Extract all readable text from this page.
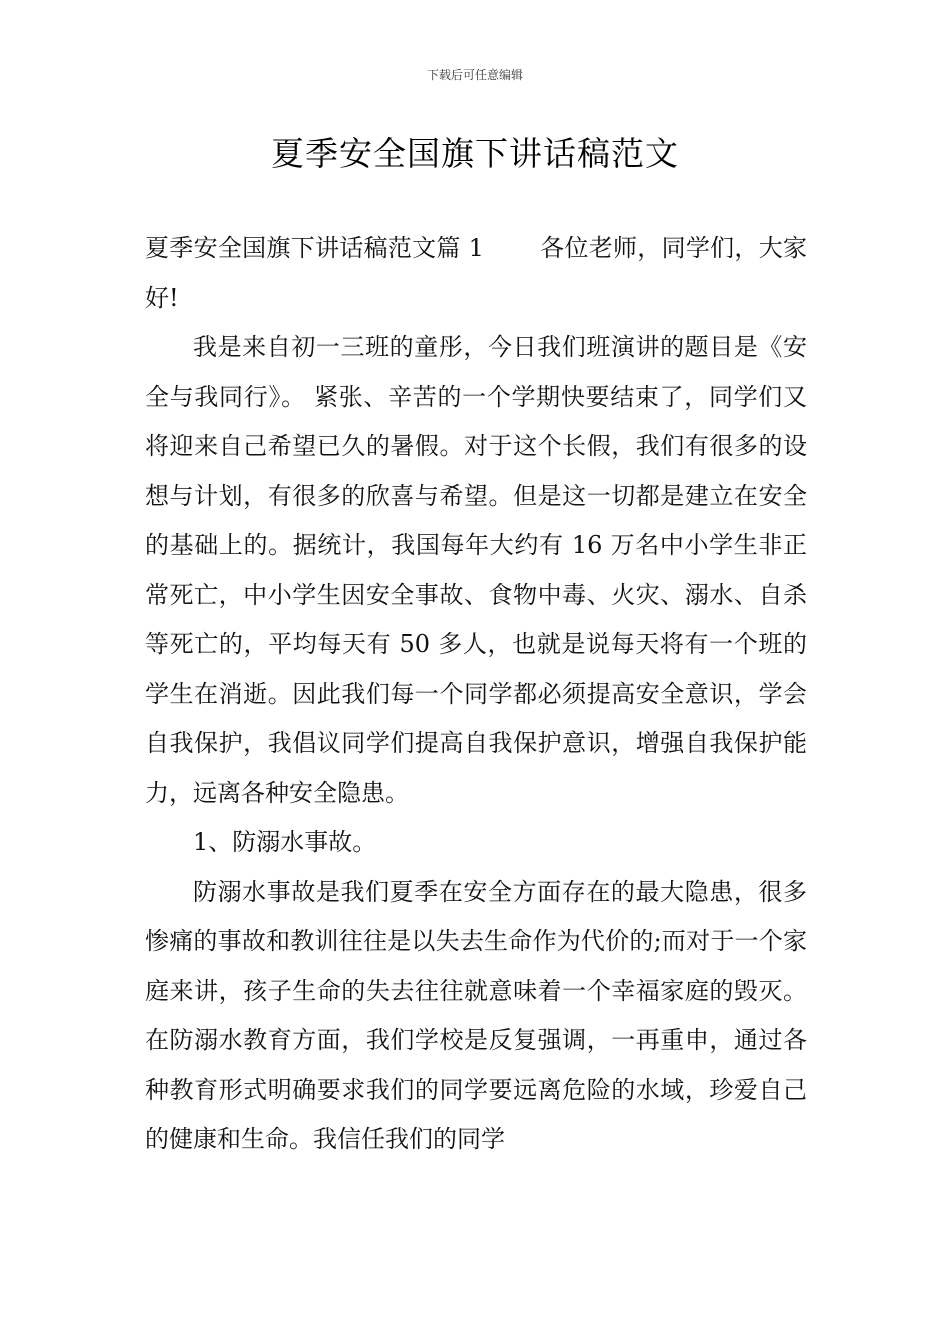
下载后可任意编辑
夏季安全国旗下讲话稿范文

夏季安全国旗下讲话稿范文篇 1 各位老师，同学们，大家好!

我是来自初一三班的童彤，今日我们班演讲的题目是《安全与我同行》。 紧张、辛苦的一个学期快要结束了，同学们又将迎来自己希望已久的暑假。对于这个长假，我们有很多的设想与计划，有很多的欣喜与希望。但是这一切都是建立在安全的基础上的。据统计，我国每年大约有 16 万名中小学生非正常死亡，中小学生因安全事故、食物中毒、火灾、溺水、自杀等死亡的，平均每天有 50 多人，也就是说每天将有一个班的学生在消逝。因此我们每一个同学都必须提高安全意识，学会自我保护，我倡议同学们提高自我保护意识，增强自我保护能力，远离各种安全隐患。

1、防溺水事故。

防溺水事故是我们夏季在安全方面存在的最大隐患，很多惨痛的事故和教训往往是以失去生命作为代价的;而对于一个家庭来讲，孩子生命的失去往往就意味着一个幸福家庭的毁灭。在防溺水教育方面，我们学校是反复强调，一再重申，通过各种教育形式明确要求我们的同学要远离危险的水域，珍爱自己的健康和生命。我信任我们的同学
